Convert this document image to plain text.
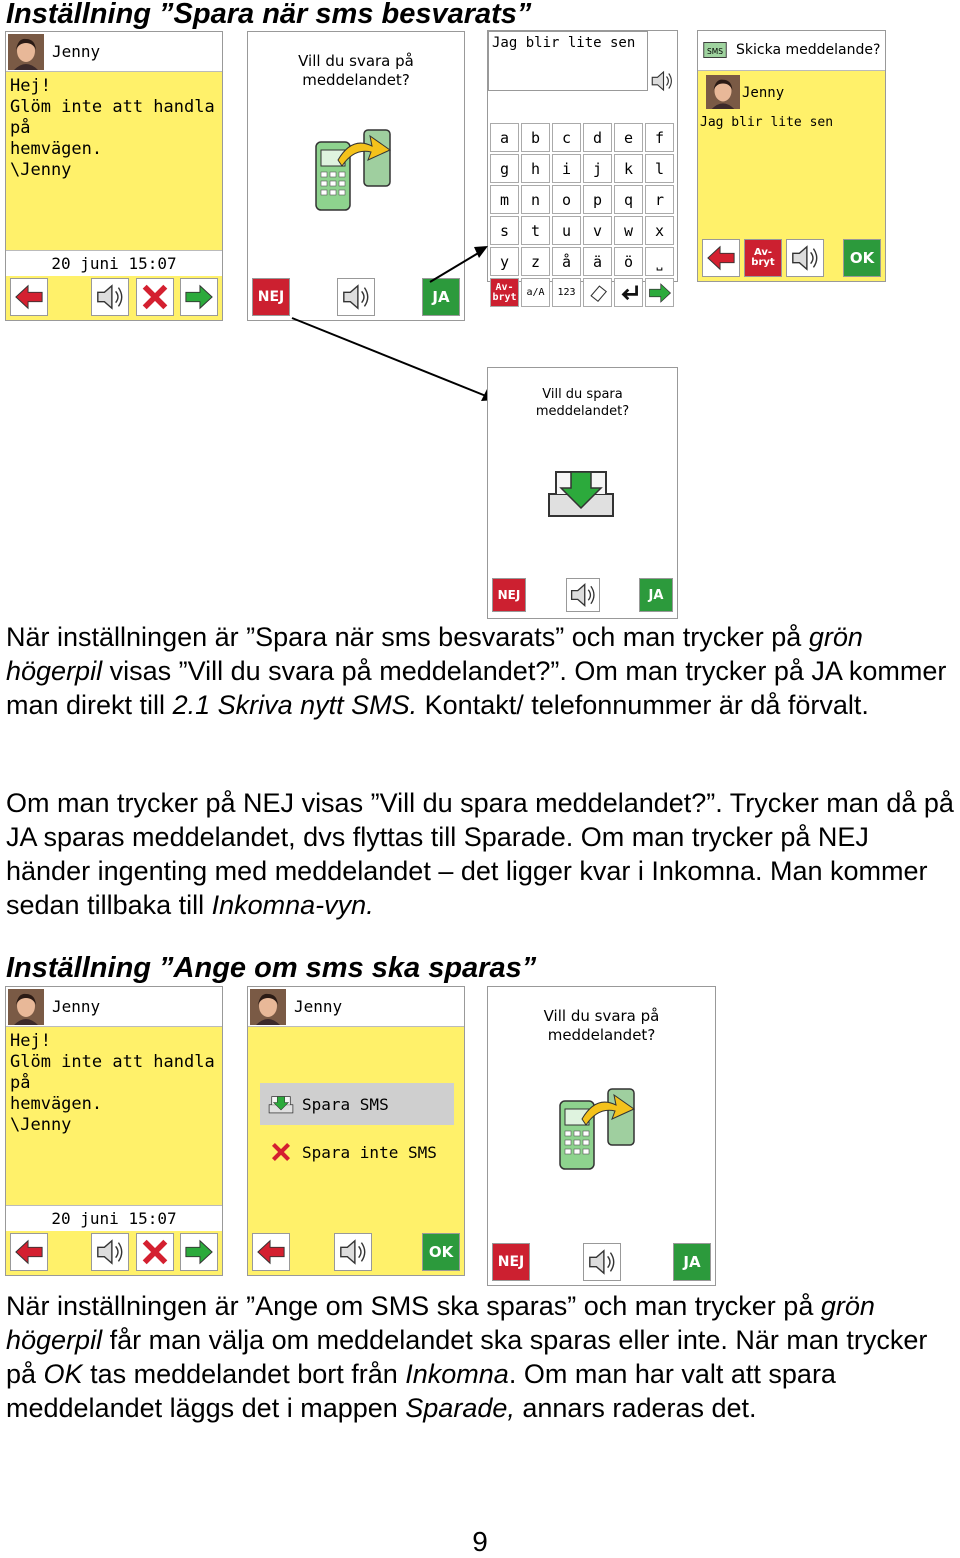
Inställning ”Spara när sms besvarats”
Jenny
Hej!
Glöm inte att handla på
hemvägen.
\Jenny
20 juni 15:07
Vill du svara på meddelandet?
NEJ	JA
Jag blir lite sen
a	b	c	d	e	f
g	h	i	j	k	l
m	n	o	p	q	r
s	t	u	v	w	x
y	z	å	ä	ö	⎵
Av-bryt a/A	123
Skicka meddelande?
Jenny
Jag blir lite sen
Av-bryt	OK
Vill du spara meddelandet?
NEJ	JA

När inställningen är ”Spara när sms besvarats” och man trycker på grön högerpil visas ”Vill du svara på meddelandet?”. Om man trycker på JA kommer man direkt till 2.1 Skriva nytt SMS. Kontakt/ telefonnummer är då förvalt.

Om man trycker på NEJ visas ”Vill du spara meddelandet?”. Trycker man då på JA sparas meddelandet, dvs flyttas till Sparade. Om man trycker på NEJ händer ingenting med meddelandet – det ligger kvar i Inkomna. Man kommer sedan tillbaka till Inkomna-vyn.

Inställning ”Ange om sms ska sparas”
Jenny
Hej!
Glöm inte att handla på
hemvägen.
\Jenny
20 juni 15:07
Jenny
Spara SMS
Spara inte SMS
OK
Vill du svara på meddelandet?
NEJ	JA

När inställningen är ”Ange om SMS ska sparas” och man trycker på grön högerpil får man välja om meddelandet ska sparas eller inte. När man trycker på OK tas meddelandet bort från Inkomna. Om man har valt att spara meddelandet läggs det i mappen Sparade, annars raderas det.

9
